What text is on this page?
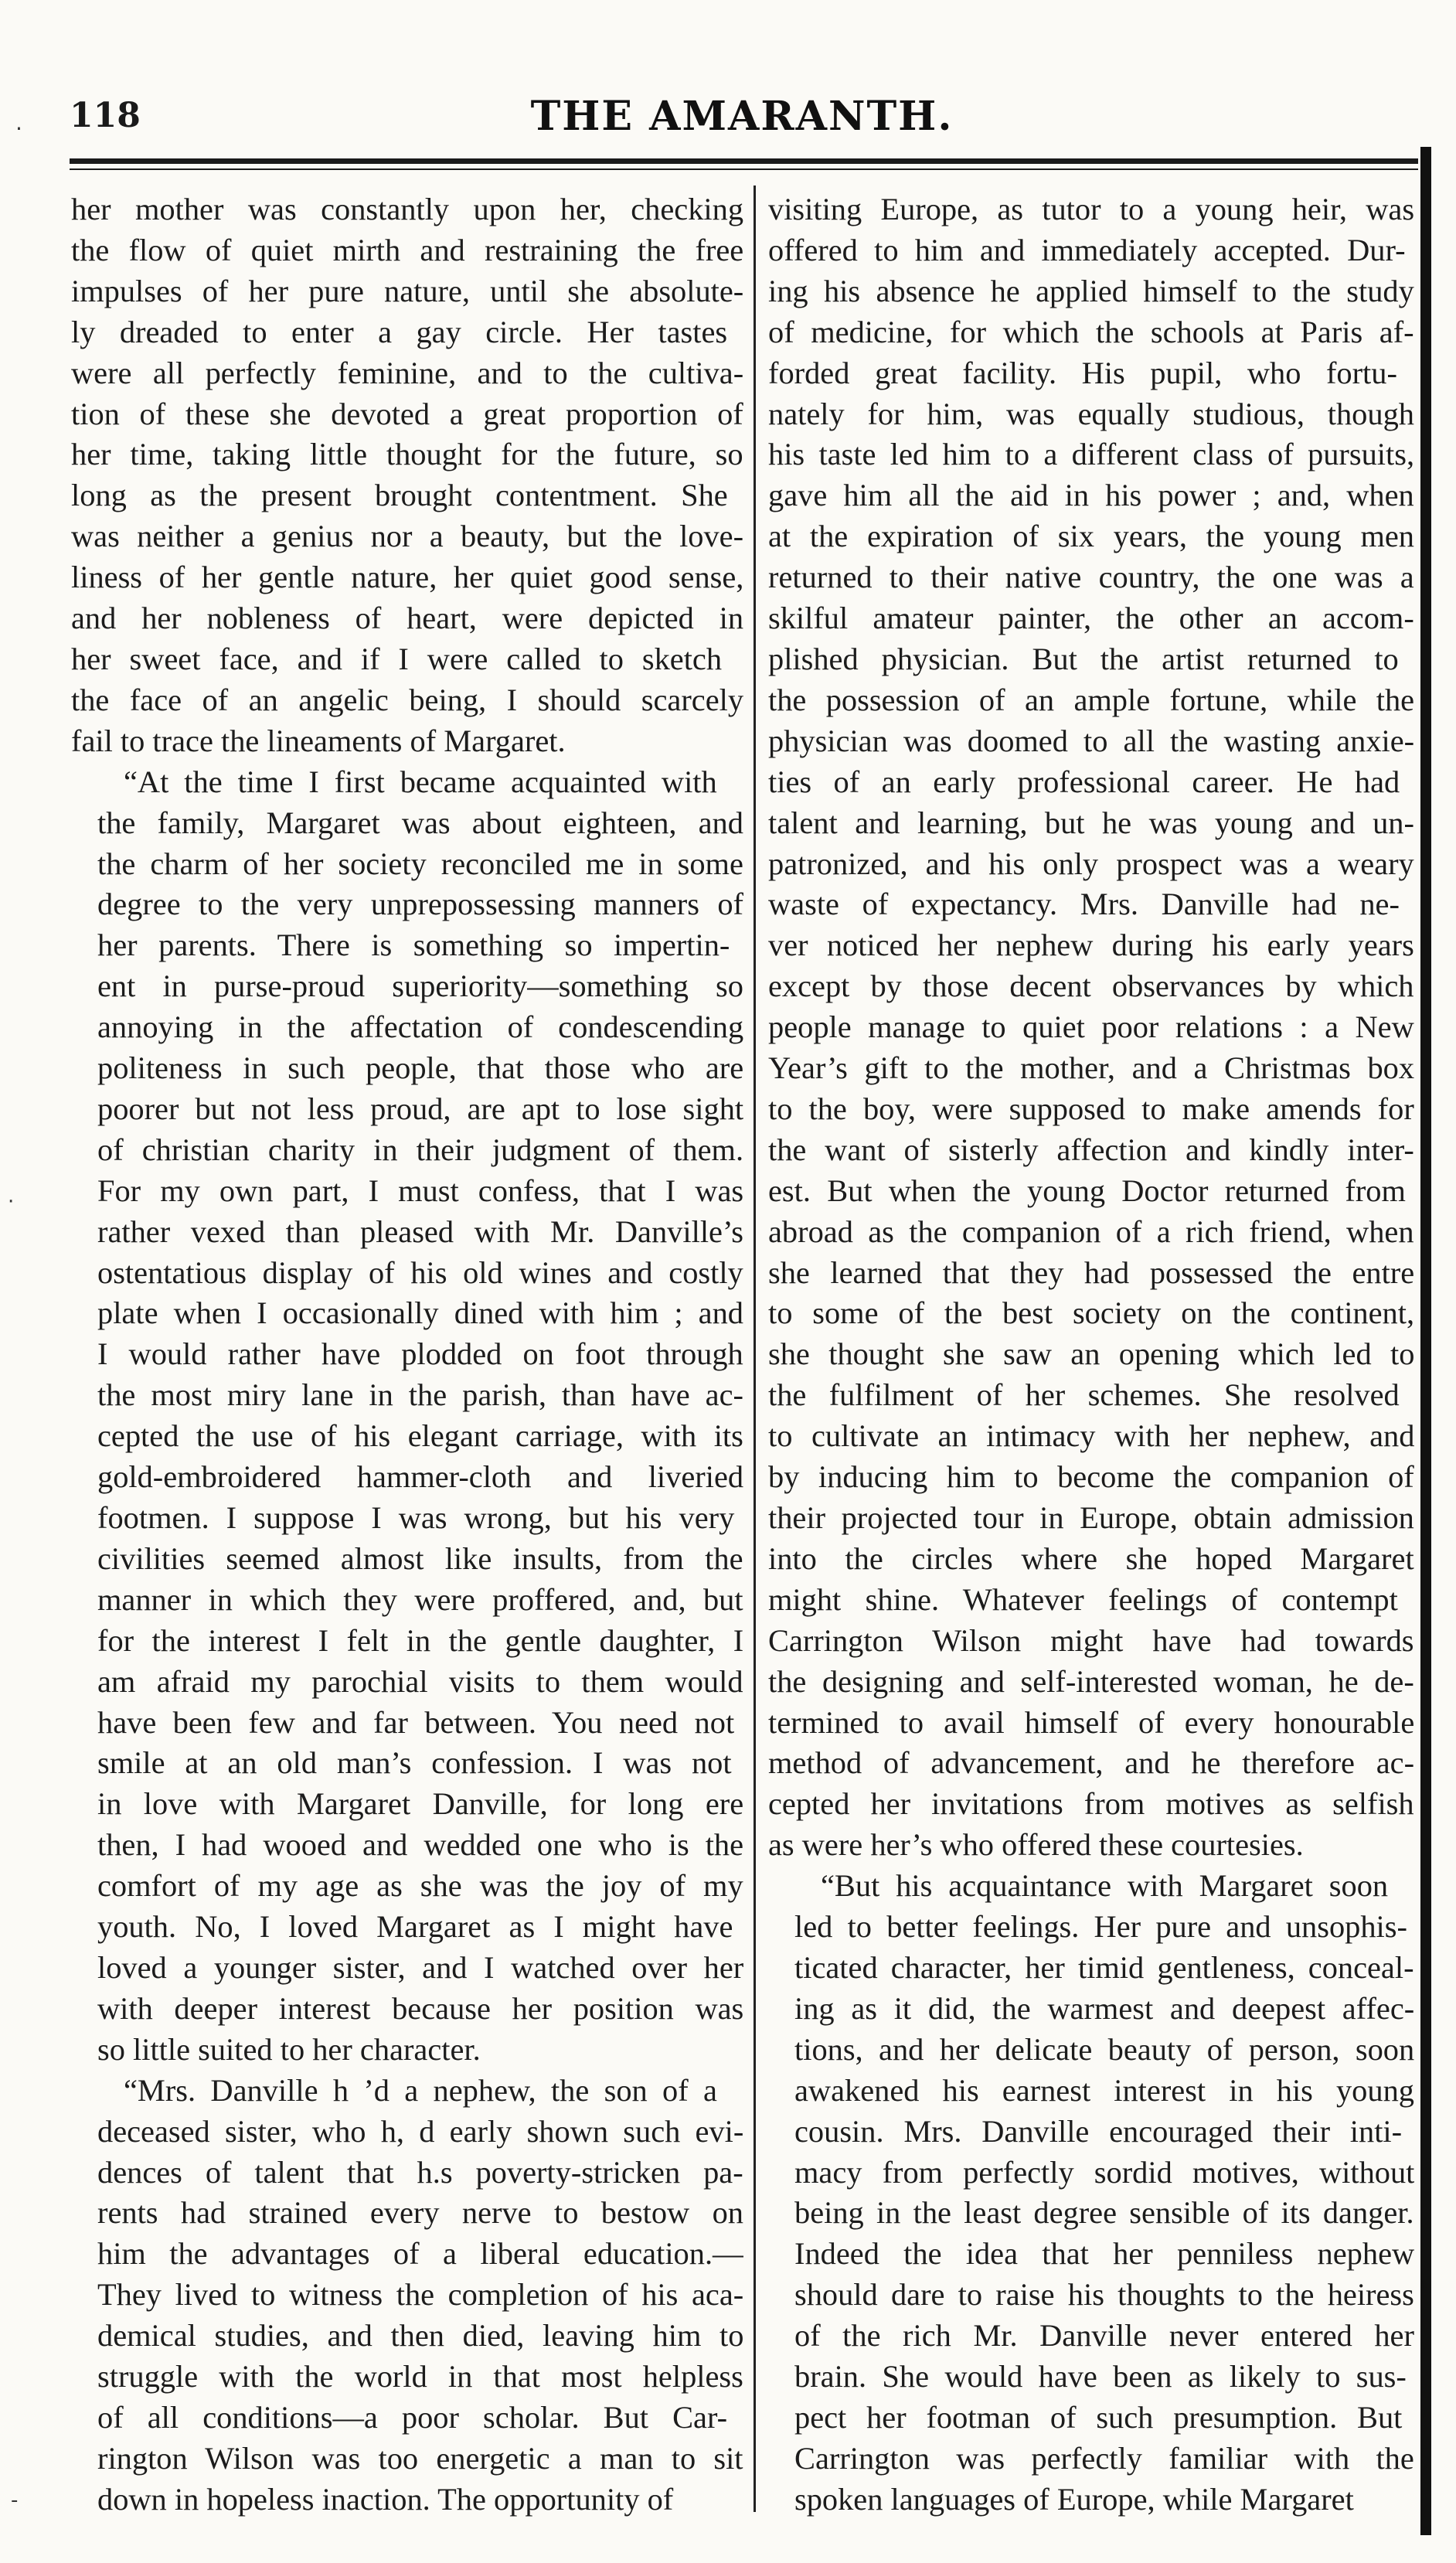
118	THE AMARANTH.

her mother was constantly upon her, checking
the flow of quiet mirth and restraining the free
impulses of her pure nature, until she absolute-
ly dreaded to enter a gay circle. Her tastes
were all perfectly feminine, and to the cultiva-
tion of these she devoted a great proportion of
her time, taking little thought for the future, so
long as the present brought contentment. She
was neither a genius nor a beauty, but the love-
liness of her gentle nature, her quiet good sense,
and her nobleness of heart, were depicted in
her sweet face, and if I were called to sketch
the face of an angelic being, I should scarcely
fail to trace the lineaments of Margaret.

“At the time I first became acquainted with
the family, Margaret was about eighteen, and
the charm of her society reconciled me in some
degree to the very unprepossessing manners of
her parents. There is something so impertin-
ent in purse-proud superiority—something so
annoying in the affectation of condescending
politeness in such people, that those who are
poorer but not less proud, are apt to lose sight
of christian charity in their judgment of them.
For my own part, I must confess, that I was
rather vexed than pleased with Mr. Danville’s
ostentatious display of his old wines and costly
plate when I occasionally dined with him ; and
I would rather have plodded on foot through
the most miry lane in the parish, than have ac-
cepted the use of his elegant carriage, with its
gold-embroidered hammer-cloth and liveried
footmen. I suppose I was wrong, but his very
civilities seemed almost like insults, from the
manner in which they were proffered, and, but
for the interest I felt in the gentle daughter, I
am afraid my parochial visits to them would
have been few and far between. You need not
smile at an old man’s confession. I was not
in love with Margaret Danville, for long ere
then, I had wooed and wedded one who is the
comfort of my age as she was the joy of my
youth. No, I loved Margaret as I might have
loved a younger sister, and I watched over her
with deeper interest because her position was
so little suited to her character.

“Mrs. Danville h ’d a nephew, the son of a
deceased sister, who h, d early shown such evi-
dences of talent that h.s poverty-stricken pa-
rents had strained every nerve to bestow on
him the advantages of a liberal education.—
They lived to witness the completion of his aca-
demical studies, and then died, leaving him to
struggle with the world in that most helpless
of all conditions—a poor scholar. But Car-
rington Wilson was too energetic a man to sit
down in hopeless inaction. The opportunity of

visiting Europe, as tutor to a young heir, was
offered to him and immediately accepted. Dur-
ing his absence he applied himself to the study
of medicine, for which the schools at Paris af-
forded great facility. His pupil, who fortu-
nately for him, was equally studious, though
his taste led him to a different class of pursuits,
gave him all the aid in his power ; and, when
at the expiration of six years, the young men
returned to their native country, the one was a
skilful amateur painter, the other an accom-
plished physician. But the artist returned to
the possession of an ample fortune, while the
physician was doomed to all the wasting anxie-
ties of an early professional career. He had
talent and learning, but he was young and un-
patronized, and his only prospect was a weary
waste of expectancy. Mrs. Danville had ne-
ver noticed her nephew during his early years
except by those decent observances by which
people manage to quiet poor relations : a New
Year’s gift to the mother, and a Christmas box
to the boy, were supposed to make amends for
the want of sisterly affection and kindly inter-
est. But when the young Doctor returned from
abroad as the companion of a rich friend, when
she learned that they had possessed the entre
to some of the best society on the continent,
she thought she saw an opening which led to
the fulfilment of her schemes. She resolved
to cultivate an intimacy with her nephew, and
by inducing him to become the companion of
their projected tour in Europe, obtain admission
into the circles where she hoped Margaret
might shine. Whatever feelings of contempt
Carrington Wilson might have had towards
the designing and self-interested woman, he de-
termined to avail himself of every honourable
method of advancement, and he therefore ac-
cepted her invitations from motives as selfish
as were her’s who offered these courtesies.

“But his acquaintance with Margaret soon
led to better feelings. Her pure and unsophis-
ticated character, her timid gentleness, conceal-
ing as it did, the warmest and deepest affec-
tions, and her delicate beauty of person, soon
awakened his earnest interest in his young
cousin. Mrs. Danville encouraged their inti-
macy from perfectly sordid motives, without
being in the least degree sensible of its danger.
Indeed the idea that her penniless nephew
should dare to raise his thoughts to the heiress
of the rich Mr. Danville never entered her
brain. She would have been as likely to sus-
pect her footman of such presumption. But
Carrington was perfectly familiar with the
spoken languages of Europe, while Margaret

·
·
-
